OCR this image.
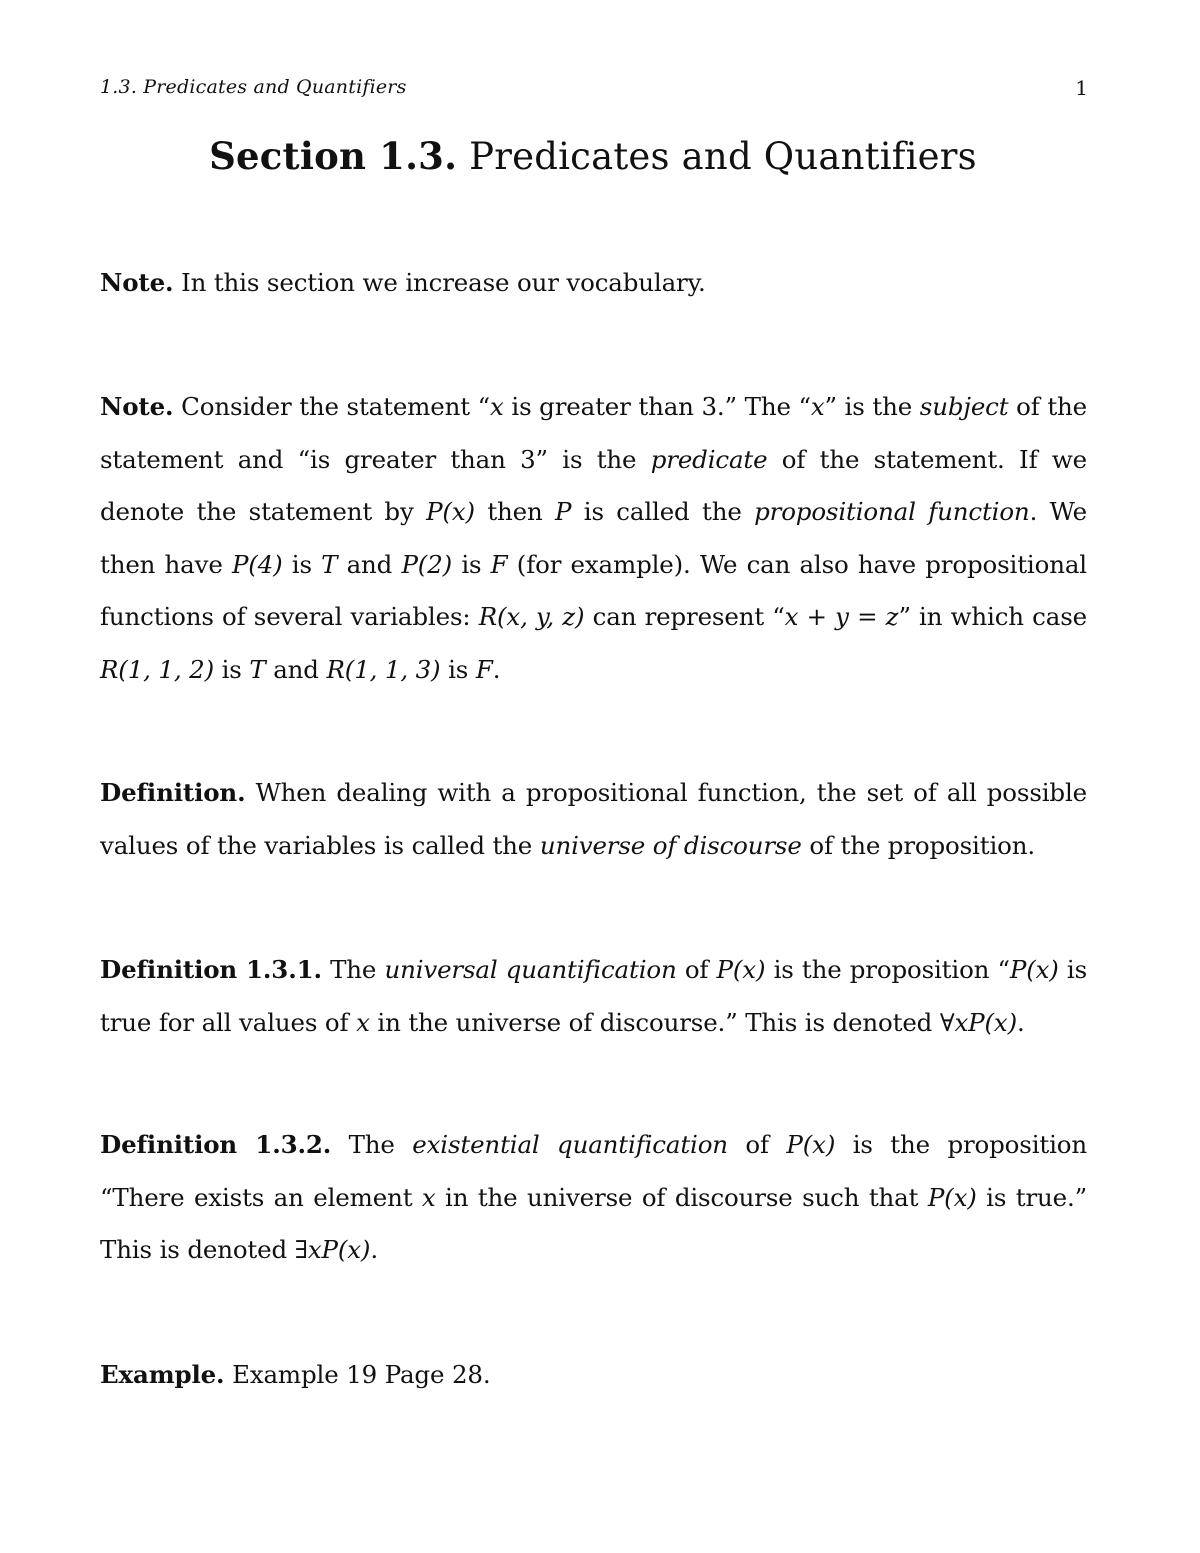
1.3. Predicates and Quantifiers	1
Section 1.3. Predicates and Quantifiers
Note. In this section we increase our vocabulary.
Note. Consider the statement “x is greater than 3.” The “x” is the subject of the statement and “is greater than 3” is the predicate of the statement. If we denote the statement by P(x) then P is called the propositional function. We then have P(4) is T and P(2) is F (for example). We can also have propositional functions of several variables: R(x, y, z) can represent “x + y = z” in which case R(1, 1, 2) is T and R(1, 1, 3) is F.
Definition. When dealing with a propositional function, the set of all possible values of the variables is called the universe of discourse of the proposition.
Definition 1.3.1. The universal quantification of P(x) is the proposition “P(x) is true for all values of x in the universe of discourse.” This is denoted ∀xP(x).
Definition 1.3.2. The existential quantification of P(x) is the proposition “There exists an element x in the universe of discourse such that P(x) is true.” This is denoted ∃xP(x).
Example. Example 19 Page 28.
